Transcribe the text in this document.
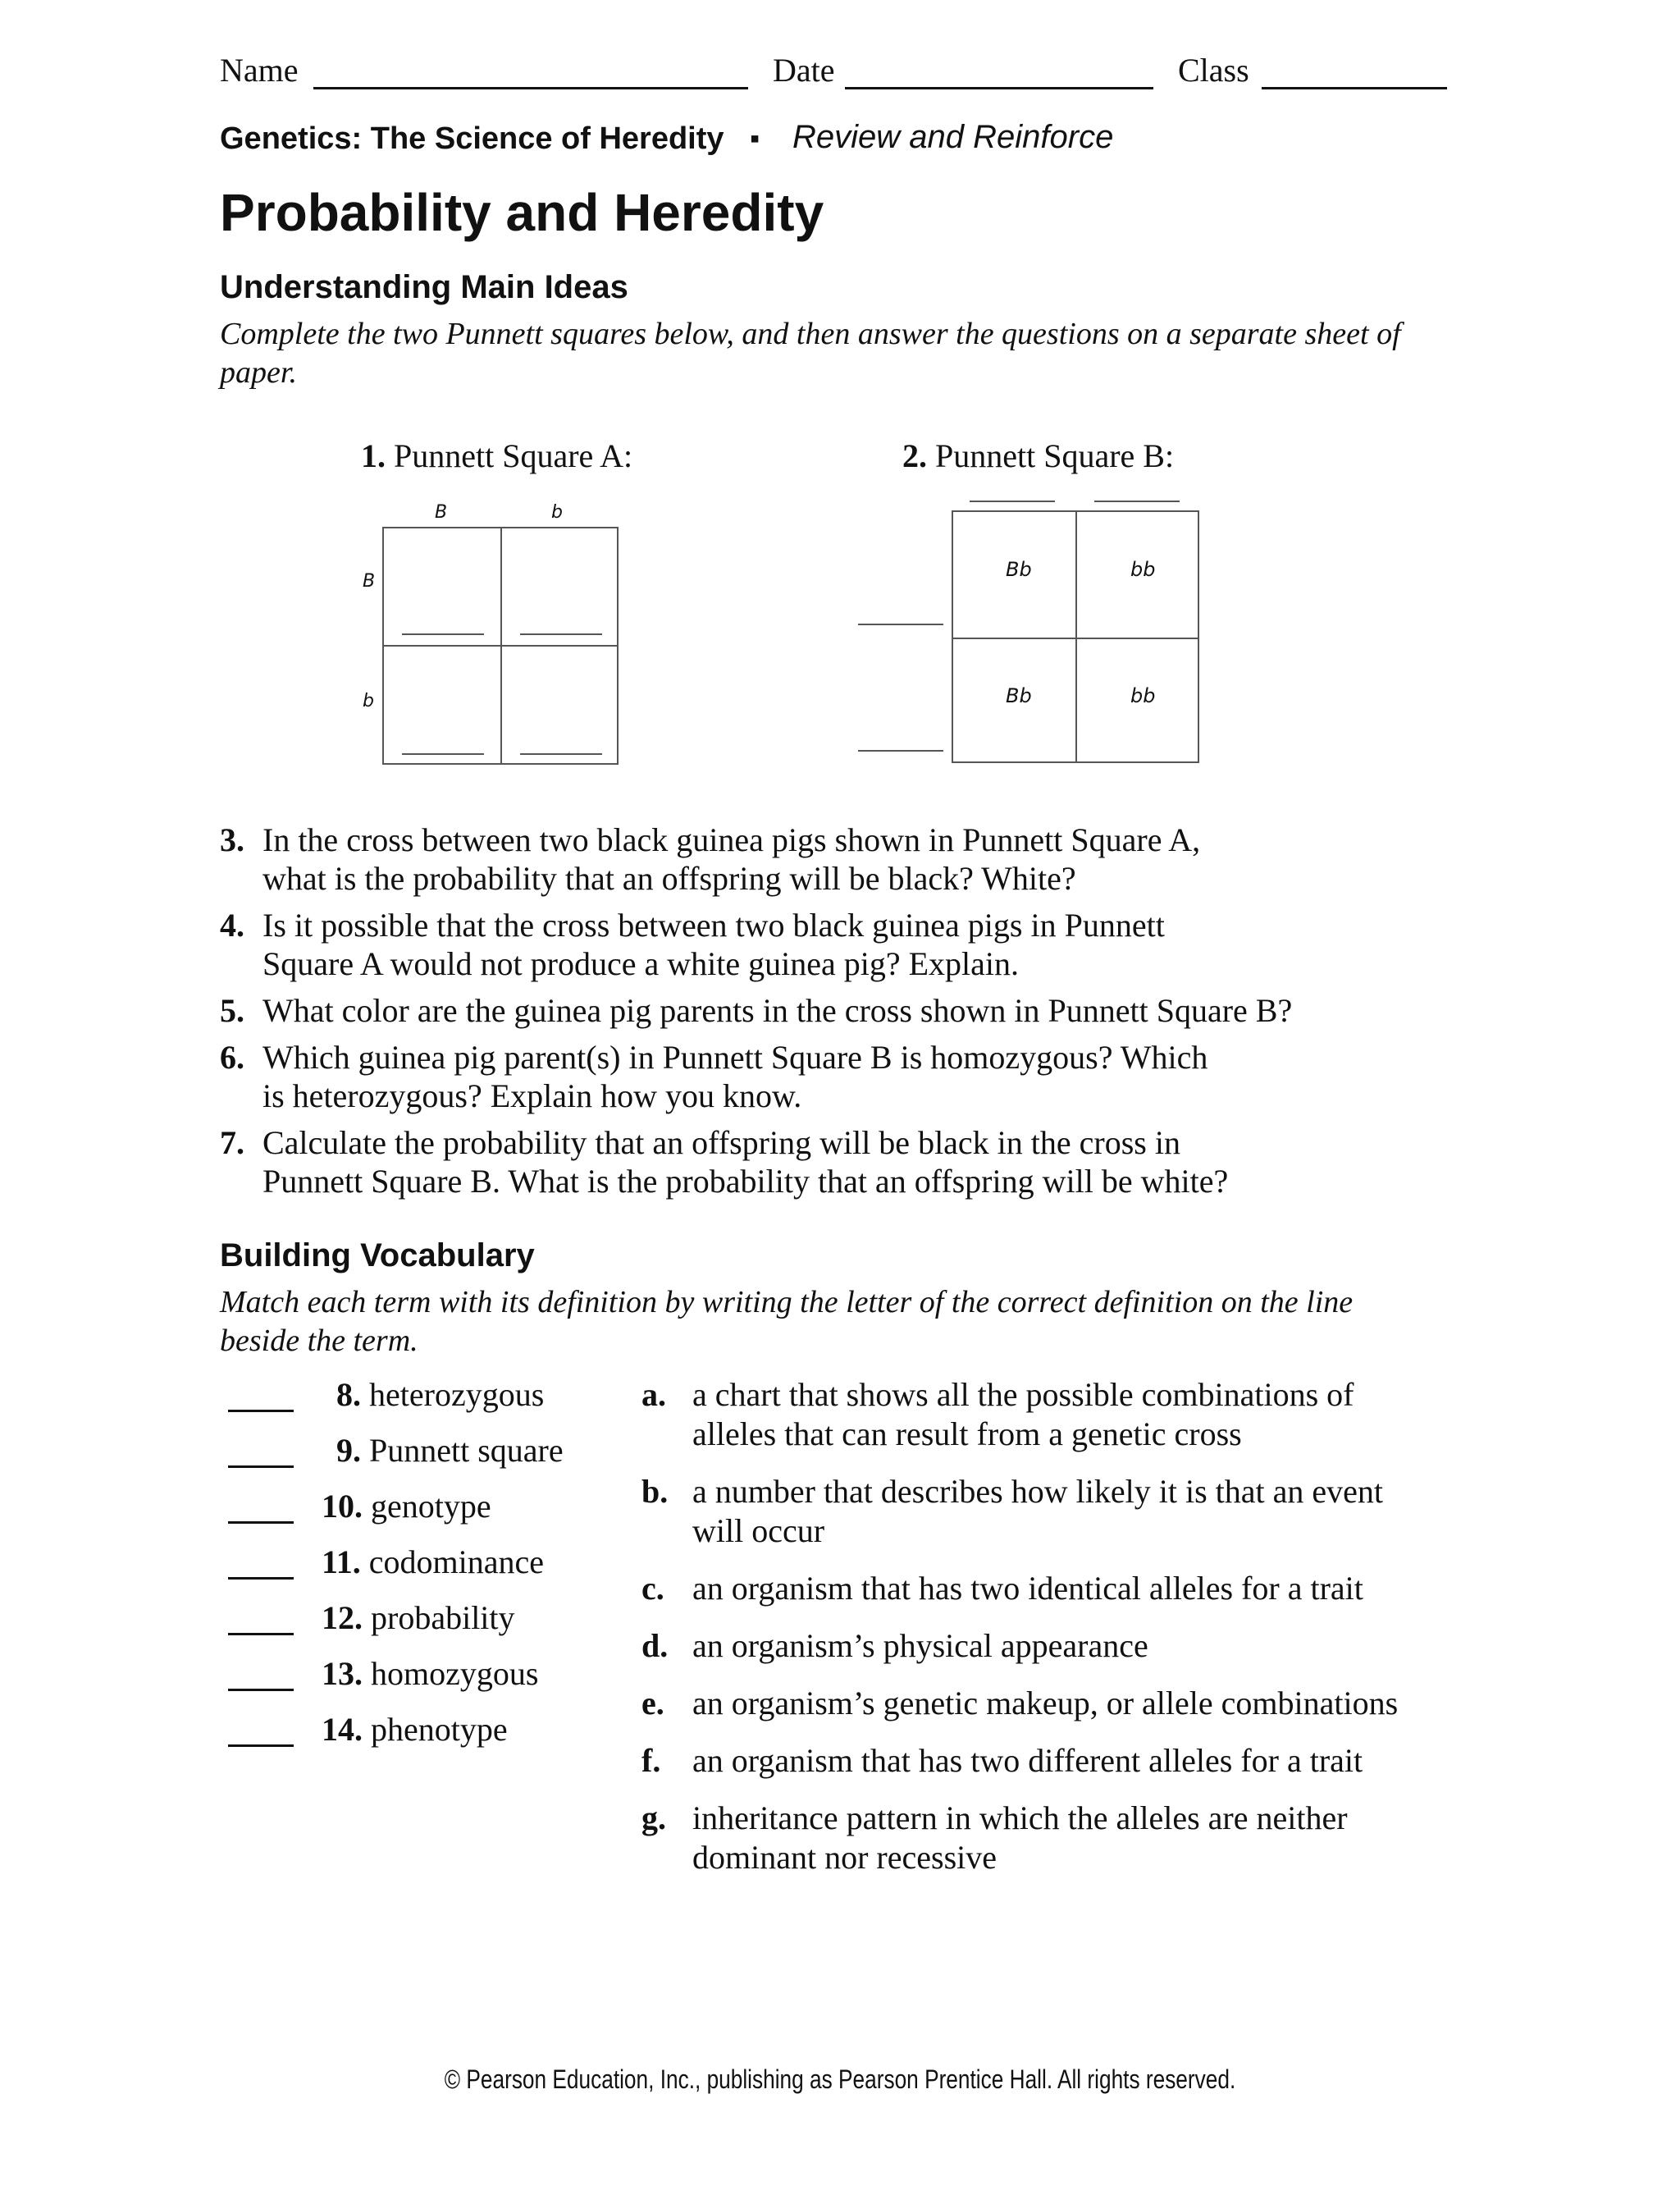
Name	Date	Class
Genetics: The Science of Heredity ▪ Review and Reinforce
Probability and Heredity
Understanding Main Ideas
Complete the two Punnett squares below, and then answer the questions on a separate sheet of paper.
1. Punnett Square A:
B	b
B
b
2. Punnett Square B:
Bb	bb
Bb	bb
3. In the cross between two black guinea pigs shown in Punnett Square A,
what is the probability that an offspring will be black? White?
4. Is it possible that the cross between two black guinea pigs in Punnett
Square A would not produce a white guinea pig? Explain.
5. What color are the guinea pig parents in the cross shown in Punnett Square B?
6. Which guinea pig parent(s) in Punnett Square B is homozygous? Which
is heterozygous? Explain how you know.
7. Calculate the probability that an offspring will be black in the cross in
Punnett Square B. What is the probability that an offspring will be white?
Building Vocabulary
Match each term with its definition by writing the letter of the correct definition on the line beside the term.
8. heterozygous
9. Punnett square
10. genotype
11. codominance
12. probability
13. homozygous
14. phenotype
a. a chart that shows all the possible combinations of
alleles that can result from a genetic cross
b. a number that describes how likely it is that an event
will occur
c. an organism that has two identical alleles for a trait
d. an organism’s physical appearance
e. an organism’s genetic makeup, or allele combinations
f. an organism that has two different alleles for a trait
g. inheritance pattern in which the alleles are neither
dominant nor recessive
© Pearson Education, Inc., publishing as Pearson Prentice Hall. All rights reserved.
